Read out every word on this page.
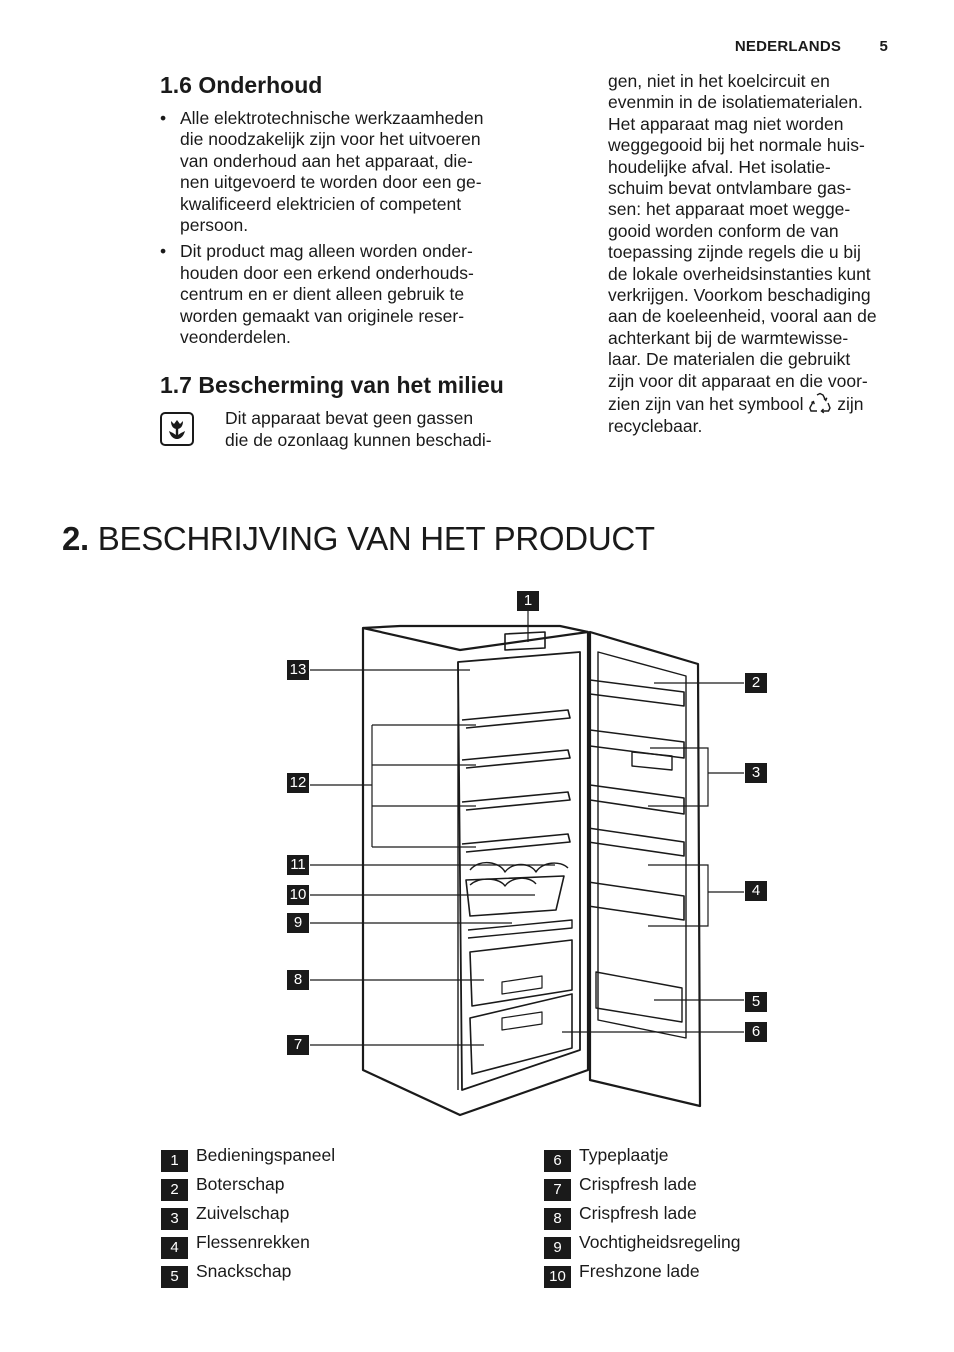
NEDERLANDS	5
1.6 Onderhoud
• Alle elektrotechnische werkzaamheden
die noodzakelijk zijn voor het uitvoeren
van onderhoud aan het apparaat, die-
nen uitgevoerd te worden door een ge-
kwalificeerd elektricien of competent
persoon.
• Dit product mag alleen worden onder-
houden door een erkend onderhouds-
centrum en er dient alleen gebruik te
worden gemaakt van originele reser-
veonderdelen.
1.7 Bescherming van het milieu
Dit apparaat bevat geen gassen
die de ozonlaag kunnen beschadi-
gen, niet in het koelcircuit en
evenmin in de isolatiematerialen.
Het apparaat mag niet worden
weggegooid bij het normale huis-
houdelijke afval. Het isolatie-
schuim bevat ontvlambare gas-
sen: het apparaat moet wegge-
gooid worden conform de van
toepassing zijnde regels die u bij
de lokale overheidsinstanties kunt
verkrijgen. Voorkom beschadiging
aan de koeleenheid, vooral aan de
achterkant bij de warmtewisse-
laar. De materialen die gebruikt
zijn voor dit apparaat en die voor-
zien zijn van het symbool  zijn
recyclebaar.
2. BESCHRIJVING VAN HET PRODUCT
1
2
3
4
5
6
7
8
9
10
11
12
13
1 Bedieningspaneel
2 Boterschap
3 Zuivelschap
4 Flessenrekken
5 Snackschap
6 Typeplaatje
7 Crispfresh lade
8 Crispfresh lade
9 Vochtigheidsregeling
10 Freshzone lade
